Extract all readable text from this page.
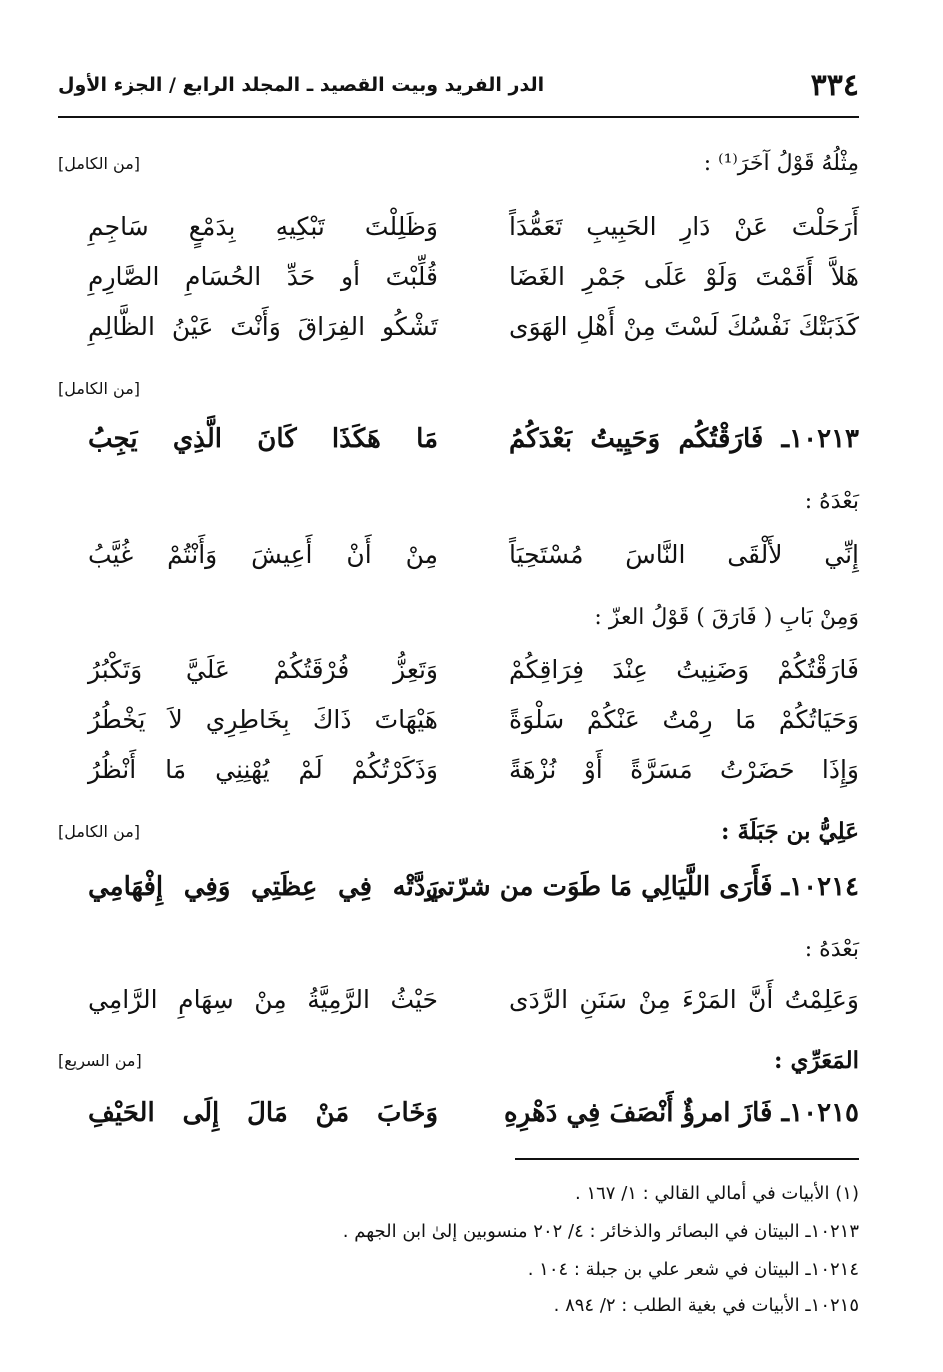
٣٣٤
الدر الفريد وبيت القصيد ـ المجلد الرابع / الجزء الأول
مِثْلُهُ قَوْلُ آخَرَ⁽¹⁾ :
[من الكامل]
أَرَحَلْتَ عَنْ دَارِ الحَبِيبِ تَعَمُّدَاً
وَظَلِلْتَ تَبْكِيهِ بِدَمْعٍ سَاجِمِ
هَلاَّ أَقَمْتَ وَلَوْ عَلَى جَمْرِ الغَضَا
قُلِّبْتَ أو حَدِّ الحُسَامِ الصَّارِمِ
كَذَبَتْكَ نَفْسُكَ لَسْتَ مِنْ أَهْلِ الهَوَى
تَشْكُو الفِرَاقَ وَأَنْتَ عَيْنُ الظَّالِمِ
[من الكامل]
١٠٢١٣ـ فَارَقْتُكُم وَحَيِيتُ بَعْدَكُمُ
مَا هَكَذَا كَانَ الَّذِي يَجِبُ
بَعْدَهُ :
إِنِّي لأَلْقَى النَّاسَ مُسْتَحِيَاً
مِنْ أَنْ أَعِيشَ وَأَنْتُمْ غُيَّبُ
وَمِنْ بَابِ ( فَارَقَ ) قَوْلُ العزّ :
فَارَقْتُكُمْ وَضَنِيتُ عِنْدَ فِرَاقِكُمْ
وَتَعِزُّ فُرْقَتُكُمْ عَلَيَّ وَتَكْبُرُ
وَحَيَاتُكُمْ مَا رِمْتُ عَنْكُمْ سَلْوَةً
هَيْهَاتَ ذَاكَ بِخَاطِرِي لاَ يَخْطُرُ
وَإِذَا حَضَرْتُ مَسَرَّةً أَوْ نُزْهَةً
وَذَكَرْتُكُمْ لَمْ يُهْنِنِي مَا أَنْظُرُ
عَلِيُّ بن جَبَلَةَ :
[من الكامل]
١٠٢١٤ـ فَأَرَى اللَّيَالِي مَا طَوَت من شرّتي
رَدَّتْه فِي عِظَتِي وَفِي إِفْهَامِي
بَعْدَهُ :
وَعَلِمْتُ أَنَّ المَرْءَ مِنْ سَنَنِ الرَّدَى
حَيْثُ الرَّمِيَّةُ مِنْ سِهَامِ الرَّامِي
المَعَرِّي :
[من السريع]
١٠٢١٥ـ فَازَ امرؤٌ أَنْصَفَ فِي دَهْرِهِ
وَخَابَ مَنْ مَالَ إِلَى الحَيْفِ
(١) الأبيات في أمالي القالي : ١/ ١٦٧ .
١٠٢١٣ـ البيتان في البصائر والذخائر : ٤/ ٢٠٢ منسوبين إلىٰ ابن الجهم .
١٠٢١٤ـ البيتان في شعر علي بن جبلة : ١٠٤ .
١٠٢١٥ـ الأبيات في بغية الطلب : ٢/ ٨٩٤ .
